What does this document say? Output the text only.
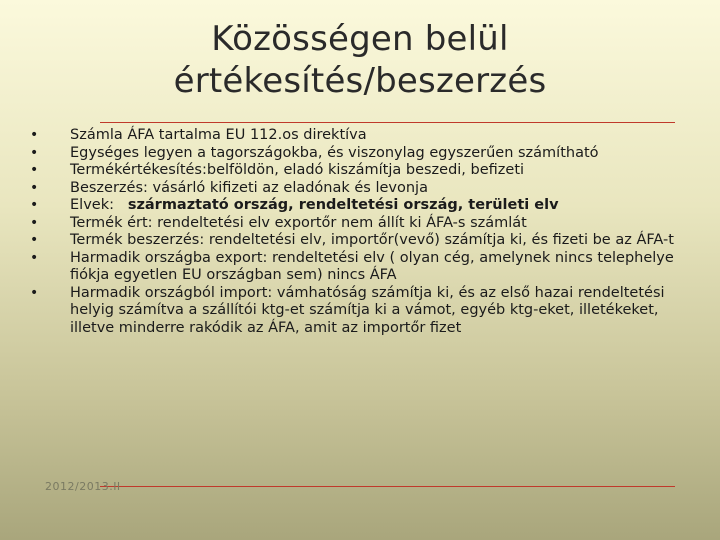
Közösségen belül
értékesítés/beszerzés
• Számla ÁFA tartalma EU 112.os direktíva
• Egységes legyen a tagországokba, és viszonylag egyszerűen számítható
• Termékértékesítés:belföldön, eladó kiszámítja beszedi, befizeti
• Beszerzés: vásárló kifizeti az eladónak és levonja
• Elvek:   származtató ország, rendeltetési ország, területi elv
• Termék ért: rendeltetési elv exportőr nem állít ki ÁFA-s számlát
• Termék beszerzés: rendeltetési elv, importőr(vevő) számítja ki, és fizeti be az ÁFA-t
• Harmadik országba export: rendeltetési elv ( olyan cég, amelynek nincs telephelye fiókja egyetlen EU országban sem) nincs ÁFA
• Harmadik országból import: vámhatóság számítja ki, és az első hazai rendeltetési helyig számítva a szállítói ktg-et számítja ki a vámot, egyéb ktg-eket, illetékeket, illetve minderre rakódik az ÁFA, amit az importőr fizet
2012/2013.II
